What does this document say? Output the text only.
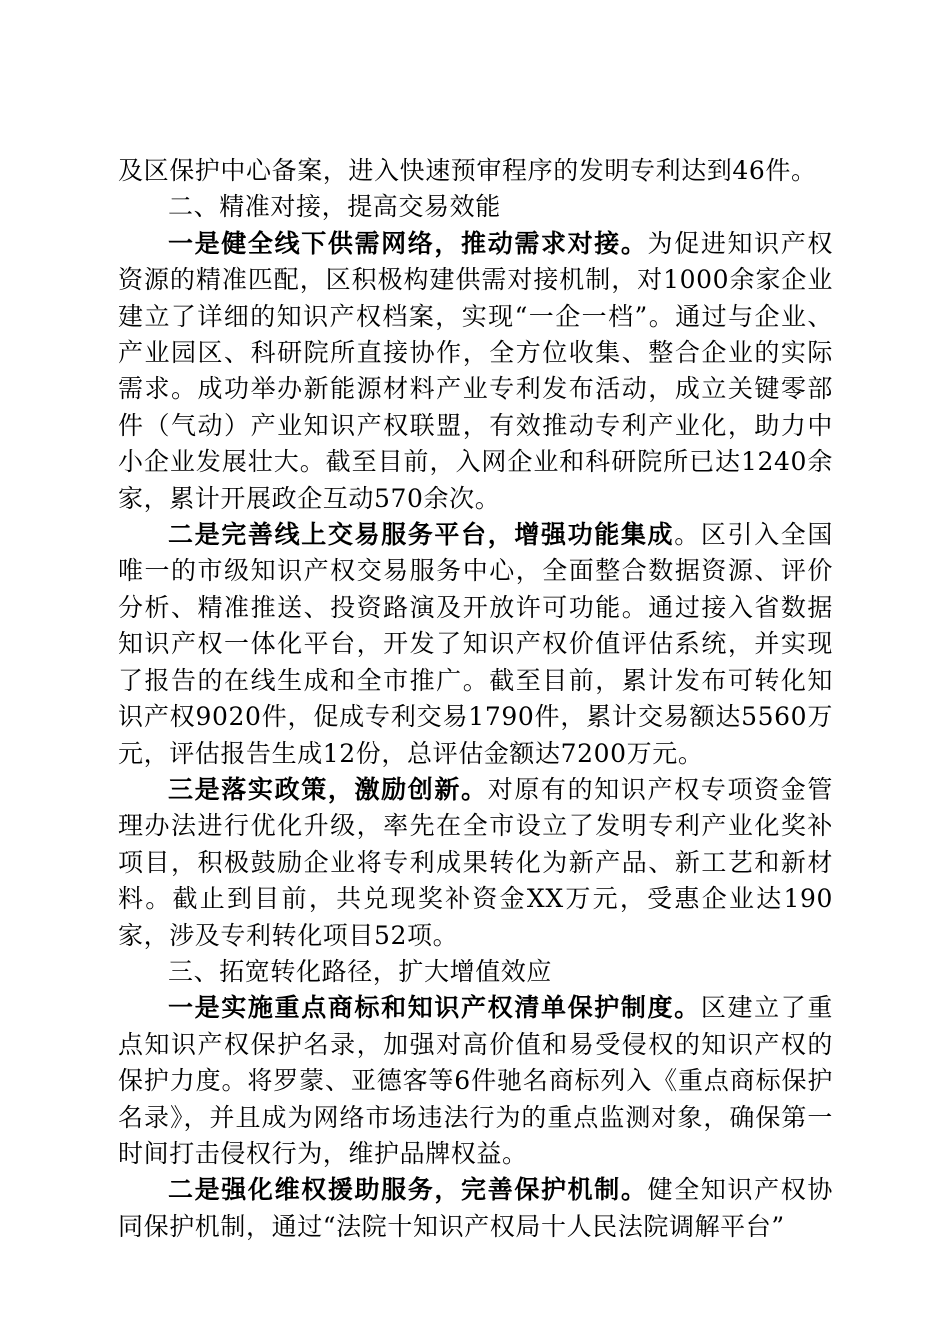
及区保护中心备案，进入快速预审程序的发明专利达到46件。

二、精准对接，提高交易效能

一是健全线下供需网络，推动需求对接。为促进知识产权资源的精准匹配，区积极构建供需对接机制，对1000余家企业建立了详细的知识产权档案，实现“一企一档”。通过与企业、产业园区、科研院所直接协作，全方位收集、整合企业的实际需求。成功举办新能源材料产业专利发布活动，成立关键零部件（气动）产业知识产权联盟，有效推动专利产业化，助力中小企业发展壮大。截至目前，入网企业和科研院所已达1240余家，累计开展政企互动570余次。

二是完善线上交易服务平台，增强功能集成。区引入全国唯一的市级知识产权交易服务中心，全面整合数据资源、评价分析、精准推送、投资路演及开放许可功能。通过接入省数据知识产权一体化平台，开发了知识产权价值评估系统，并实现了报告的在线生成和全市推广。截至目前，累计发布可转化知识产权9020件，促成专利交易1790件，累计交易额达5560万元，评估报告生成12份，总评估金额达7200万元。

三是落实政策，激励创新。对原有的知识产权专项资金管理办法进行优化升级，率先在全市设立了发明专利产业化奖补项目，积极鼓励企业将专利成果转化为新产品、新工艺和新材料。截止到目前，共兑现奖补资金XX万元，受惠企业达190家，涉及专利转化项目52项。

三、拓宽转化路径，扩大增值效应

一是实施重点商标和知识产权清单保护制度。区建立了重点知识产权保护名录，加强对高价值和易受侵权的知识产权的保护力度。将罗蒙、亚德客等6件驰名商标列入《重点商标保护名录》，并且成为网络市场违法行为的重点监测对象，确保第一时间打击侵权行为，维护品牌权益。

二是强化维权援助服务，完善保护机制。健全知识产权协同保护机制，通过“法院十知识产权局十人民法院调解平台”
